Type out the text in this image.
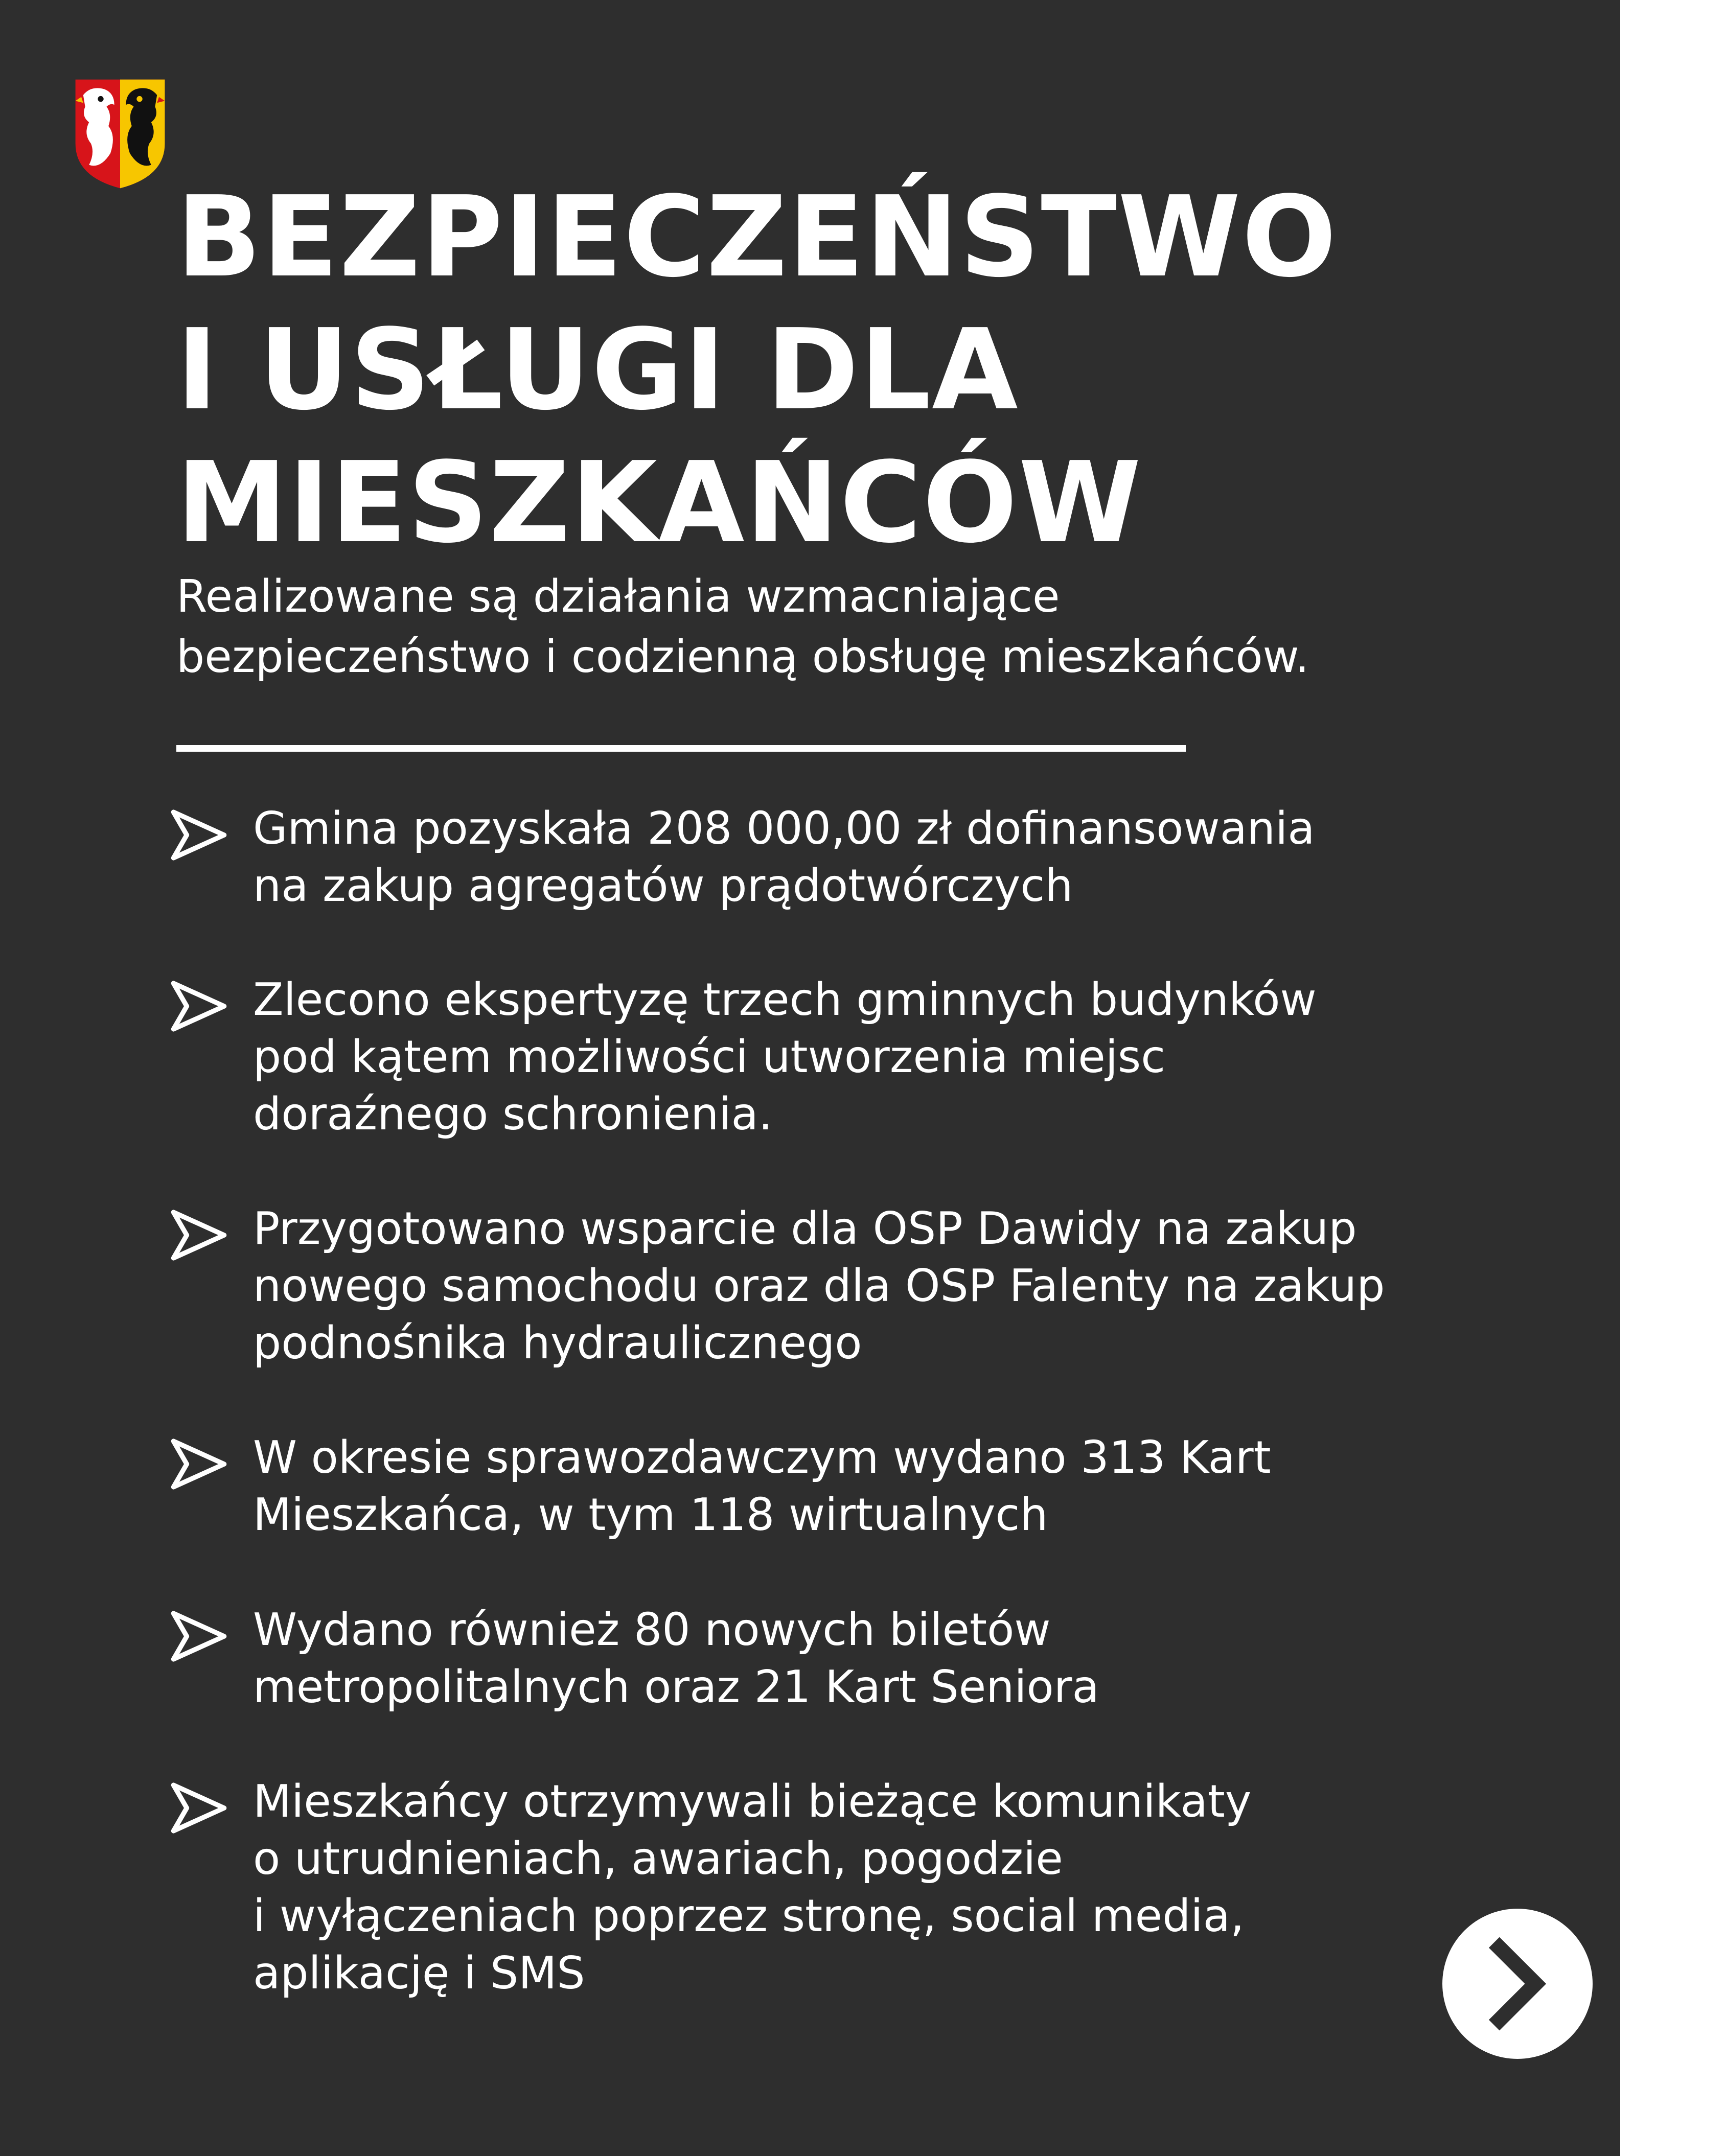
BEZPIECZEŃSTWO
I USŁUGI DLA
MIESZKAŃCÓW
Realizowane są działania wzmacniające
bezpieczeństwo i codzienną obsługę mieszkańców.
Gmina pozyskała 208 000,00 zł dofinansowania
na zakup agregatów prądotwórczych
Zlecono ekspertyzę trzech gminnych budynków
pod kątem możliwości utworzenia miejsc
doraźnego schronienia.
Przygotowano wsparcie dla OSP Dawidy na zakup
nowego samochodu oraz dla OSP Falenty na zakup
podnośnika hydraulicznego
W okresie sprawozdawczym wydano 313 Kart
Mieszkańca, w tym 118 wirtualnych
Wydano również 80 nowych biletów
metropolitalnych oraz 21 Kart Seniora
Mieszkańcy otrzymywali bieżące komunikaty
o utrudnieniach, awariach, pogodzie
i wyłączeniach poprzez stronę, social media,
aplikację i SMS
